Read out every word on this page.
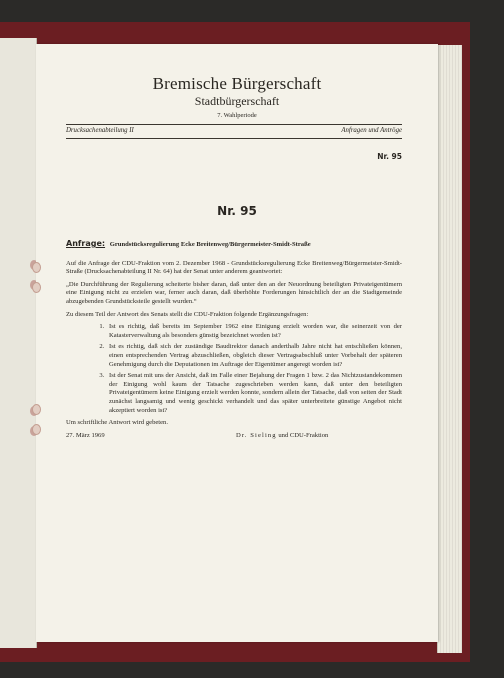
Bremische Bürgerschaft
Stadtbürgerschaft
7. Wahlperiode
Drucksachenabteilung II	Anfragen und Antröge
Nr. 95
Nr. 95
Anfrage: Grundstücksregulierung Ecke Breitenweg/Bürgermeister-Smidt-Straße

Auf die Anfrage der CDU-Fraktion vom 2. Dezember 1968 - Grundstücksregulierung Ecke Breitenweg/Bürgermeister-Smidt-Straße (Drucksachenabteilung II Nr. 64) hat der Senat unter anderem geantwortet:

„Die Durchführung der Regulierung scheiterte bisher daran, daß unter den an der Neuordnung beteiligten Privateigentümern eine Einigung nicht zu erzielen war, ferner auch daran, daß überhöhte Forderungen hinsichtlich der an die Stadtgemeinde abzugebenden Grundstücksteile gestellt wurden.“

Zu diesem Teil der Antwort des Senats stellt die CDU-Fraktion folgende Ergänzungsfragen:

1. Ist es richtig, daß bereits im September 1962 eine Einigung erzielt worden war, die seinerzeit von der Katasterverwaltung als besonders günstig bezeichnet worden ist?
2. Ist es richtig, daß sich der zuständige Baudirektor danach anderthalb Jahre nicht hat entschließen können, einen entsprechenden Vertrag abzuschließen, obgleich dieser Vertragsabschluß unter Vorbehalt der späteren Genehmigung durch die Deputationen im Auftrage der Eigentümer angeregt worden ist?
3. Ist der Senat mit uns der Ansicht, daß im Falle einer Bejahung der Fragen 1 bzw. 2 das Nichtzustandekommen der Einigung wohl kaum der Tatsache zugeschrieben werden kann, daß unter den beteiligten Privateigentümern keine Einigung erzielt werden konnte, sondern allein der Tatsache, daß von seiten der Stadt zunächst langsamig und wenig geschickt verhandelt und das später unterbreitete günstige Angebot nicht akzeptiert worden ist?

Um schriftliche Antwort wird gebeten.

27. März 1969	Dr. Sieling und CDU-Fraktion
